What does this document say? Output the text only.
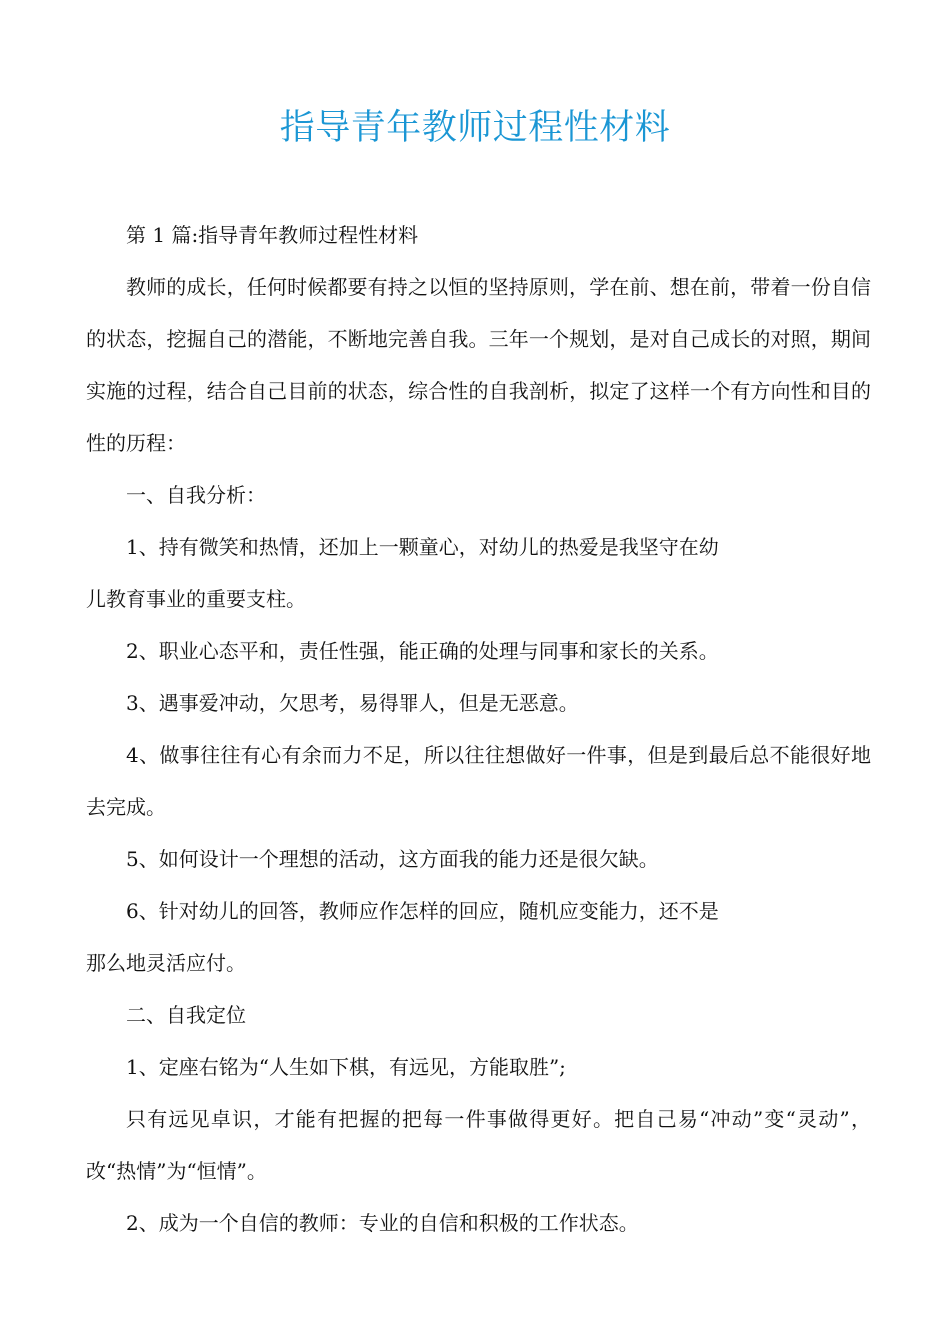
指导青年教师过程性材料

第 1 篇:指导青年教师过程性材料

教师的成长，任何时候都要有持之以恒的坚持原则，学在前、想在前，带着一份自信的状态，挖掘自己的潜能，不断地完善自我。三年一个规划，是对自己成长的对照，期间实施的过程，结合自己目前的状态，综合性的自我剖析，拟定了这样一个有方向性和目的性的历程：

一、自我分析：

1、持有微笑和热情，还加上一颗童心，对幼儿的热爱是我坚守在幼
儿教育事业的重要支柱。

2、职业心态平和，责任性强，能正确的处理与同事和家长的关系。

3、遇事爱冲动，欠思考，易得罪人，但是无恶意。

4、做事往往有心有余而力不足，所以往往想做好一件事，但是到最后总不能很好地去完成。

5、如何设计一个理想的活动，这方面我的能力还是很欠缺。

6、针对幼儿的回答，教师应作怎样的回应，随机应变能力，还不是
那么地灵活应付。

二、自我定位

1、定座右铭为“人生如下棋，有远见，方能取胜”;

只有远见卓识，才能有把握的把每一件事做得更好。把自己易“冲动”变“灵动”，改“热情”为“恒情”。

2、成为一个自信的教师：专业的自信和积极的工作状态。
